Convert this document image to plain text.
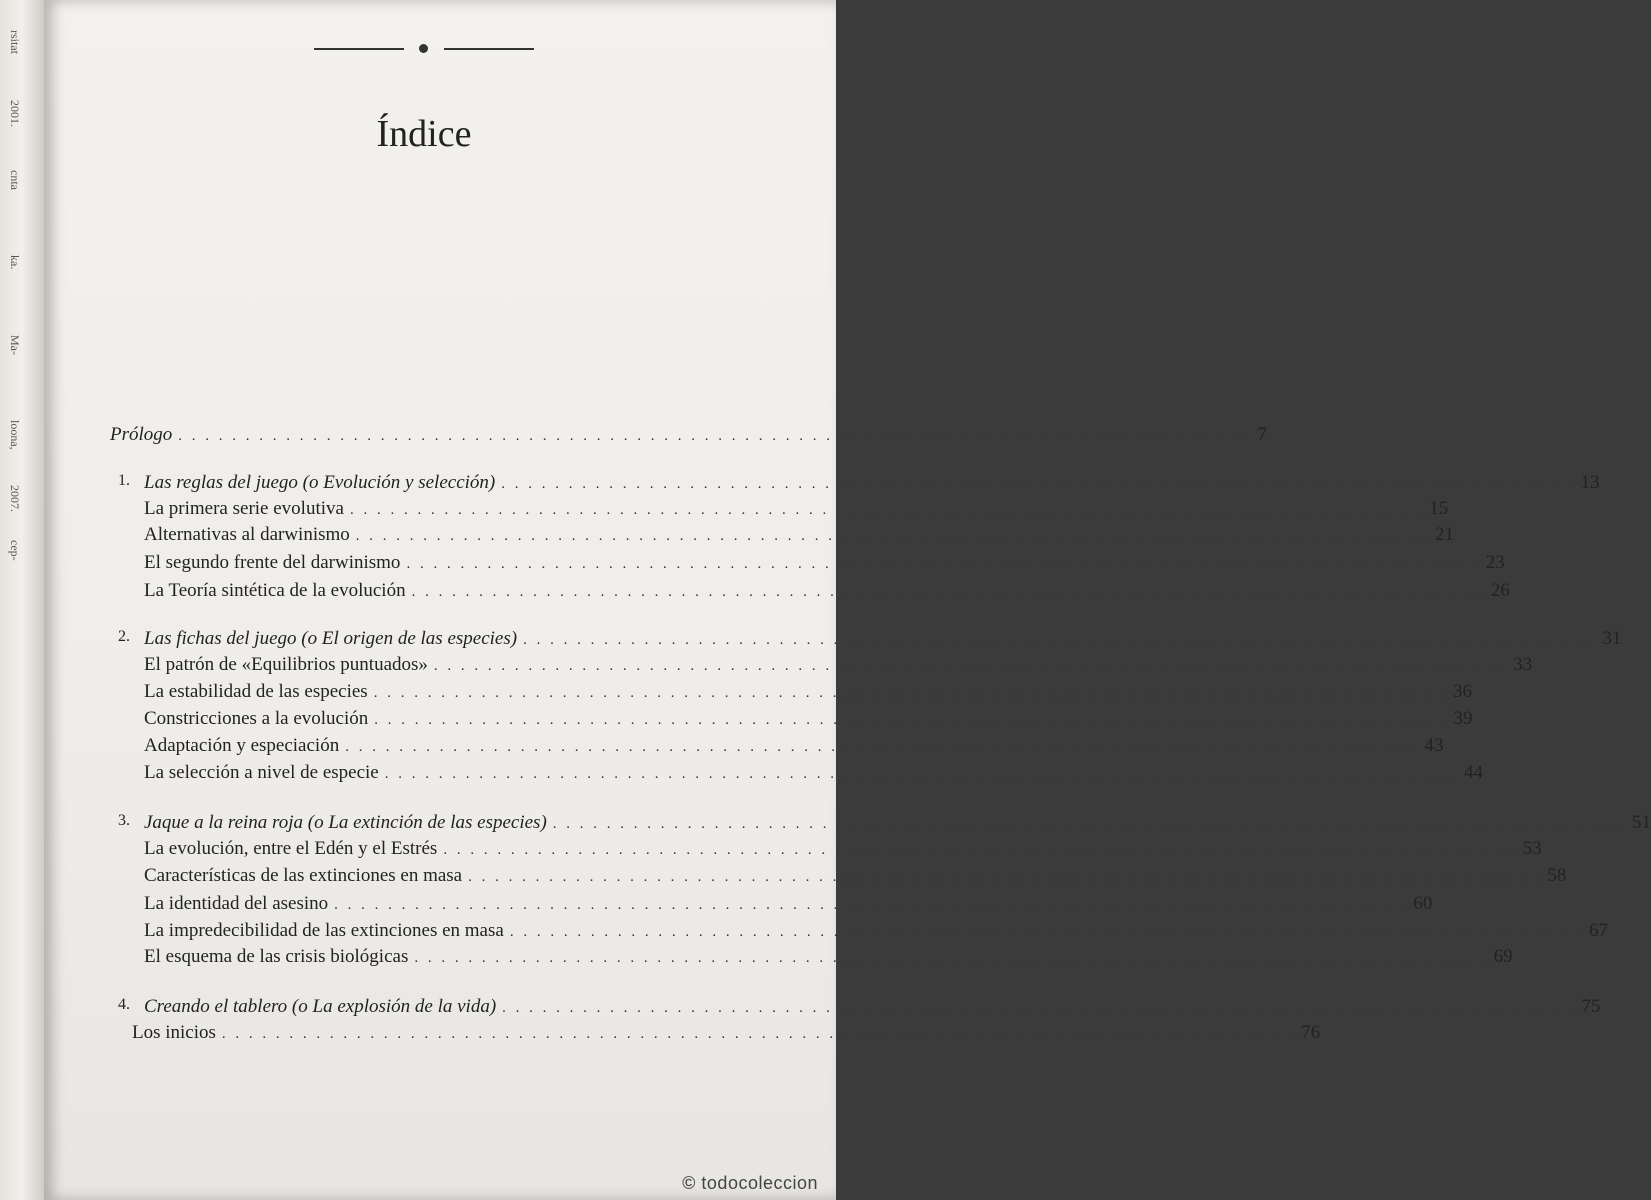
rsitat
2001.
cnta
ka.
Ma-
loona,
2007.
cep-
Índice
Prólogo . . . . . . . . . . . . . . . . . . . . . . . . . . . . . . . . . . . . . . . . . . . . . . . . . . . . . . . . . . . . . . . . . . . . . . . . . . . . . . . . 7
1. Las reglas del juego (o Evolución y selección) . . . . . . . . . . . . . . . . . . . . . . . . . . . . . . . . . . . . . . . . . . . . . . . . . . . . . . . . . . . . . . . . . . . . . . . . . . . . . . . . 13
La primera serie evolutiva . . . . . . . . . . . . . . . . . . . . . . . . . . . . . . . . . . . . . . . . . . . . . . . . . . . . . . . . . . . . . . . . . . . . . . . . . . . . . . . . 15
Alternativas al darwinismo . . . . . . . . . . . . . . . . . . . . . . . . . . . . . . . . . . . . . . . . . . . . . . . . . . . . . . . . . . . . . . . . . . . . . . . . . . . . . . . . 21
El segundo frente del darwinismo . . . . . . . . . . . . . . . . . . . . . . . . . . . . . . . . . . . . . . . . . . . . . . . . . . . . . . . . . . . . . . . . . . . . . . . . . . . . . . . . 23
La Teoría sintética de la evolución . . . . . . . . . . . . . . . . . . . . . . . . . . . . . . . . . . . . . . . . . . . . . . . . . . . . . . . . . . . . . . . . . . . . . . . . . . . . . . . . 26
2. Las fichas del juego (o El origen de las especies) . . . . . . . . . . . . . . . . . . . . . . . . . . . . . . . . . . . . . . . . . . . . . . . . . . . . . . . . . . . . . . . . . . . . . . . . . . . . . . . . 31
El patrón de «Equilibrios puntuados» . . . . . . . . . . . . . . . . . . . . . . . . . . . . . . . . . . . . . . . . . . . . . . . . . . . . . . . . . . . . . . . . . . . . . . . . . . . . . . . . 33
La estabilidad de las especies . . . . . . . . . . . . . . . . . . . . . . . . . . . . . . . . . . . . . . . . . . . . . . . . . . . . . . . . . . . . . . . . . . . . . . . . . . . . . . . . 36
Constricciones a la evolución . . . . . . . . . . . . . . . . . . . . . . . . . . . . . . . . . . . . . . . . . . . . . . . . . . . . . . . . . . . . . . . . . . . . . . . . . . . . . . . . 39
Adaptación y especiación . . . . . . . . . . . . . . . . . . . . . . . . . . . . . . . . . . . . . . . . . . . . . . . . . . . . . . . . . . . . . . . . . . . . . . . . . . . . . . . . 43
La selección a nivel de especie . . . . . . . . . . . . . . . . . . . . . . . . . . . . . . . . . . . . . . . . . . . . . . . . . . . . . . . . . . . . . . . . . . . . . . . . . . . . . . . . 44
3. Jaque a la reina roja (o La extinción de las especies) . . . . . . . . . . . . . . . . . . . . . . . . . . . . . . . . . . . . . . . . . . . . . . . . . . . . . . . . . . . . . . . . . . . . . . . . . . . . . . . . 51
La evolución, entre el Edén y el Estrés . . . . . . . . . . . . . . . . . . . . . . . . . . . . . . . . . . . . . . . . . . . . . . . . . . . . . . . . . . . . . . . . . . . . . . . . . . . . . . . . 53
Características de las extinciones en masa . . . . . . . . . . . . . . . . . . . . . . . . . . . . . . . . . . . . . . . . . . . . . . . . . . . . . . . . . . . . . . . . . . . . . . . . . . . . . . . . 58
La identidad del asesino . . . . . . . . . . . . . . . . . . . . . . . . . . . . . . . . . . . . . . . . . . . . . . . . . . . . . . . . . . . . . . . . . . . . . . . . . . . . . . . . 60
La impredecibilidad de las extinciones en masa . . . . . . . . . . . . . . . . . . . . . . . . . . . . . . . . . . . . . . . . . . . . . . . . . . . . . . . . . . . . . . . . . . . . . . . . . . . . . . . . 67
El esquema de las crisis biológicas . . . . . . . . . . . . . . . . . . . . . . . . . . . . . . . . . . . . . . . . . . . . . . . . . . . . . . . . . . . . . . . . . . . . . . . . . . . . . . . . 69
4. Creando el tablero (o La explosión de la vida) . . . . . . . . . . . . . . . . . . . . . . . . . . . . . . . . . . . . . . . . . . . . . . . . . . . . . . . . . . . . . . . . . . . . . . . . . . . . . . . . 75
Los inicios . . . . . . . . . . . . . . . . . . . . . . . . . . . . . . . . . . . . . . . . . . . . . . . . . . . . . . . . . . . . . . . . . . . . . . . . . . . . . . . . 76
© todocoleccion
